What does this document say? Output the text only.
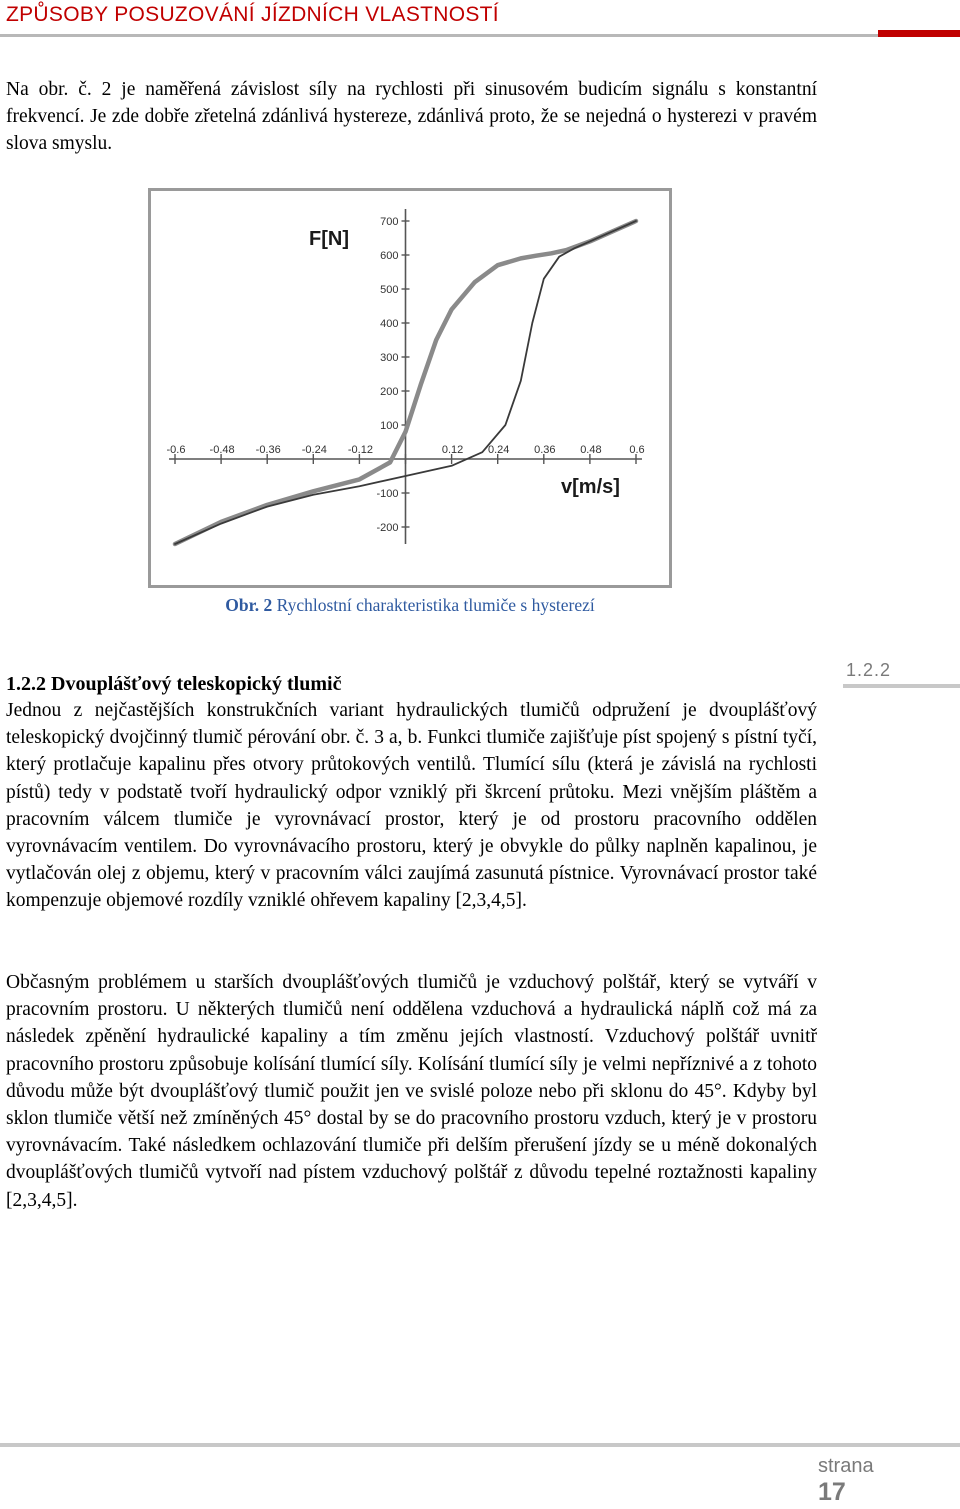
ZPŮSOBY POSUZOVÁNÍ JÍZDNÍCH VLASTNOSTÍ

Na obr. č. 2 je naměřená závislost síly na rychlosti při sinusovém budicím signálu s konstantní frekvencí. Je zde dobře zřetelná zdánlivá hystereze, zdánlivá proto, že se nejedná o hysterezi v pravém slova smyslu.

-0.6 -0.48 -0.36 -0.24 -0.12	0.12 0.24 0.36 0.48	0.6
700
600
500
400
300
200
100
-100
-200
F[N]
v[m/s]
Obr. 2 Rychlostní charakteristika tlumiče s hysterezí
1.2.2 Dvouplášťový teleskopický tlumič
1.2.2

Jednou z nejčastějších konstrukčních variant hydraulických tlumičů odpružení je dvouplášťový teleskopický dvojčinný tlumič pérování obr. č. 3 a, b. Funkci tlumiče zajišťuje píst spojený s pístní tyčí, který protlačuje kapalinu přes otvory průtokových ventilů. Tlumící sílu (která je závislá na rychlosti pístů) tedy v podstatě tvoří hydraulický odpor vzniklý při škrcení průtoku. Mezi vnějším pláštěm a pracovním válcem tlumiče je vyrovnávací prostor, který je od prostoru pracovního oddělen vyrovnávacím ventilem. Do vyrovnávacího prostoru, který je obvykle do půlky naplněn kapalinou, je vytlačován olej z objemu, který v pracovním válci zaujímá zasunutá pístnice. Vyrovnávací prostor také kompenzuje objemové rozdíly vzniklé ohřevem kapaliny [2,3,4,5].

Občasným problémem u starších dvouplášťových tlumičů je vzduchový polštář, který se vytváří v pracovním prostoru. U některých tlumičů není oddělena vzduchová a hydraulická náplň což má za následek zpěnění hydraulické kapaliny a tím změnu jejích vlastností. Vzduchový polštář uvnitř pracovního prostoru způsobuje kolísání tlumící síly. Kolísání tlumící síly je velmi nepříznivé a z tohoto důvodu může být dvouplášťový tlumič použit jen ve svislé poloze nebo při sklonu do 45°. Kdyby byl sklon tlumiče větší než zmíněných 45° dostal by se do pracovního prostoru vzduch, který je v prostoru vyrovnávacím. Také následkem ochlazování tlumiče při delším přerušení jízdy se u méně dokonalých dvouplášťových tlumičů vytvoří nad pístem vzduchový polštář z důvodu tepelné roztažnosti kapaliny [2,3,4,5].

strana
17
